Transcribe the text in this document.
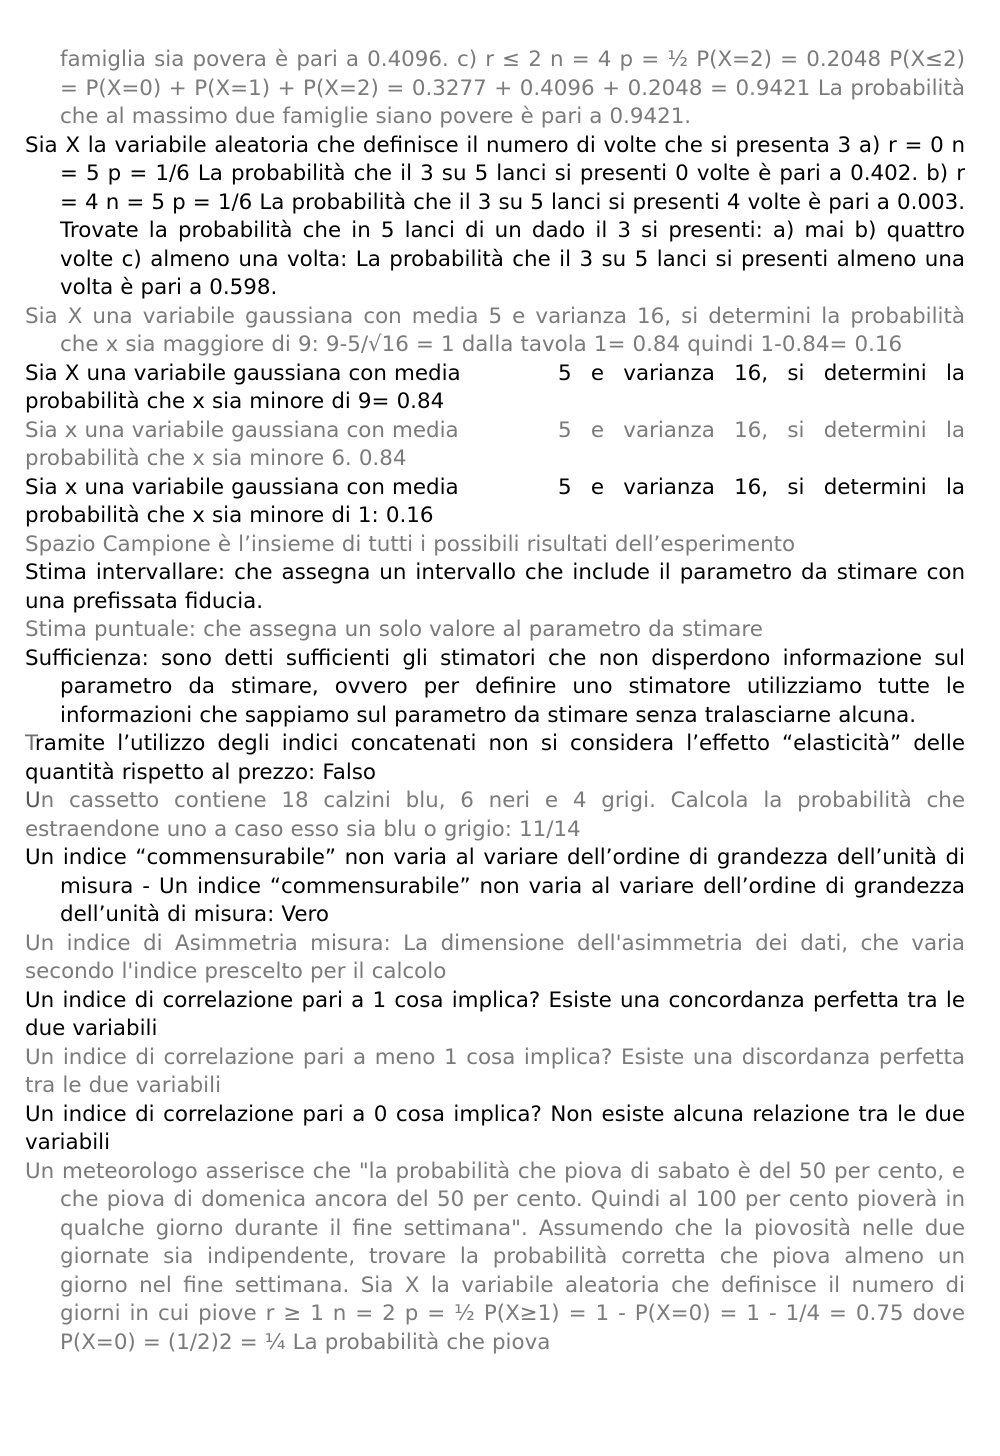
famiglia sia povera è pari a 0.4096. c) r ≤ 2 n = 4 p = ½ P(X=2) = 0.2048 P(X≤2) = P(X=0) + P(X=1) + P(X=2) = 0.3277 + 0.4096 + 0.2048 = 0.9421 La probabilità che al massimo due famiglie siano povere è pari a 0.9421.

Sia X la variabile aleatoria che definisce il numero di volte che si presenta 3 a) r = 0 n = 5 p = 1/6 La probabilità che il 3 su 5 lanci si presenti 0 volte è pari a 0.402. b) r = 4 n = 5 p = 1/6 La probabilità che il 3 su 5 lanci si presenti 4 volte è pari a 0.003. Trovate la probabilità che in 5 lanci di un dado il 3 si presenti: a) mai b) quattro volte c) almeno una volta: La probabilità che il 3 su 5 lanci si presenti almeno una volta è pari a 0.598.

Sia X una variabile gaussiana con media 5 e varianza 16, si determini la probabilità che x sia maggiore di 9: 9-5/√16 = 1 dalla tavola 1= 0.84 quindi 1-0.84= 0.16

Sia X una variabile gaussiana con media	5 e varianza 16, si determini la

probabilità che x sia minore di 9= 0.84

Sia x una variabile gaussiana con media	5 e varianza 16, si determini la

probabilità che x sia minore 6. 0.84

Sia x una variabile gaussiana con media	5 e varianza 16, si determini la

probabilità che x sia minore di 1: 0.16

Spazio Campione è l’insieme di tutti i possibili risultati dell’esperimento

Stima intervallare: che assegna un intervallo che include il parametro da stimare con una prefissata fiducia.

Stima puntuale: che assegna un solo valore al parametro da stimare

Sufficienza: sono detti sufficienti gli stimatori che non disperdono informazione sul parametro da stimare, ovvero per definire uno stimatore utilizziamo tutte le informazioni che sappiamo sul parametro da stimare senza tralasciarne alcuna.

Tramite l’utilizzo degli indici concatenati non si considera l’effetto “elasticità” delle quantità rispetto al prezzo: Falso

Un cassetto contiene 18 calzini blu, 6 neri e 4 grigi. Calcola la probabilità che estraendone uno a caso esso sia blu o grigio: 11/14

Un indice “commensurabile” non varia al variare dell’ordine di grandezza dell’unità di misura - Un indice “commensurabile” non varia al variare dell’ordine di grandezza dell’unità di misura: Vero

Un indice di Asimmetria misura: La dimensione dell'asimmetria dei dati, che varia secondo l'indice prescelto per il calcolo

Un indice di correlazione pari a 1 cosa implica? Esiste una concordanza perfetta tra le due variabili

Un indice di correlazione pari a meno 1 cosa implica? Esiste una discordanza perfetta tra le due variabili

Un indice di correlazione pari a 0 cosa implica? Non esiste alcuna relazione tra le due variabili

Un meteorologo asserisce che "la probabilità che piova di sabato è del 50 per cento, e che piova di domenica ancora del 50 per cento. Quindi al 100 per cento pioverà in qualche giorno durante il fine settimana". Assumendo che la piovosità nelle due giornate sia indipendente, trovare la probabilità corretta che piova almeno un giorno nel fine settimana. Sia X la variabile aleatoria che definisce il numero di giorni in cui piove r ≥ 1 n = 2 p = ½ P(X≥1) = 1 - P(X=0) = 1 - 1/4 = 0.75 dove P(X=0) = (1/2)2 = ¼ La probabilità che piova
